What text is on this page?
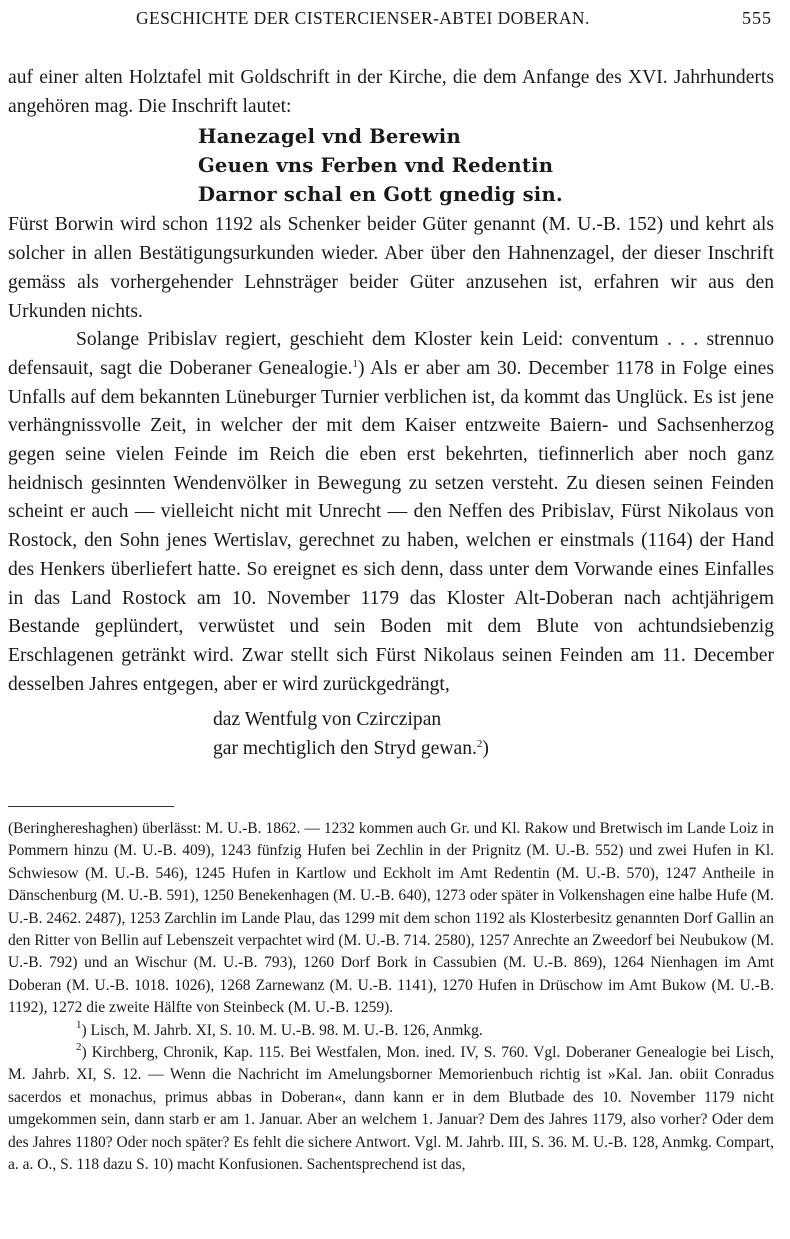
GESCHICHTE DER CISTERCIENSER-ABTEI DOBERAN.	555

auf einer alten Holztafel mit Goldschrift in der Kirche, die dem Anfange des XVI. Jahrhunderts angehören mag. Die Inschrift lautet:

Hanezagel vnd Berewin
Geuen vns Ferben vnd Redentin
Darnor schal en Gott gnedig sin.

Fürst Borwin wird schon 1192 als Schenker beider Güter genannt (M. U.-B. 152) und kehrt als solcher in allen Bestätigungsurkunden wieder. Aber über den Hahnenzagel, der dieser Inschrift gemäss als vorhergehender Lehnsträger beider Güter anzusehen ist, erfahren wir aus den Urkunden nichts.

Solange Pribislav regiert, geschieht dem Kloster kein Leid: conventum . . . strennuo defensauit, sagt die Doberaner Genealogie.$^1$) Als er aber am 30. December 1178 in Folge eines Unfalls auf dem bekannten Lüneburger Turnier verblichen ist, da kommt das Unglück. Es ist jene verhängnissvolle Zeit, in welcher der mit dem Kaiser entzweite Baiern- und Sachsenherzog gegen seine vielen Feinde im Reich die eben erst bekehrten, tiefinnerlich aber noch ganz heidnisch gesinnten Wendenvölker in Bewegung zu setzen versteht. Zu diesen seinen Feinden scheint er auch — vielleicht nicht mit Unrecht — den Neffen des Pribislav, Fürst Nikolaus von Rostock, den Sohn jenes Wertislav, gerechnet zu haben, welchen er einstmals (1164) der Hand des Henkers überliefert hatte. So ereignet es sich denn, dass unter dem Vorwande eines Einfalles in das Land Rostock am 10. November 1179 das Kloster Alt-Doberan nach achtjährigem Bestande geplündert, verwüstet und sein Boden mit dem Blute von achtundsiebenzig Erschlagenen getränkt wird. Zwar stellt sich Fürst Nikolaus seinen Feinden am 11. December desselben Jahres entgegen, aber er wird zurückgedrängt,

daz Wentfulg von Czirczipan
gar mechtiglich den Stryd gewan.$^2$)

(Beringhereshaghen) überlässt: M. U.-B. 1862. — 1232 kommen auch Gr. und Kl. Rakow und Bretwisch im Lande Loiz in Pommern hinzu (M. U.-B. 409), 1243 fünfzig Hufen bei Zechlin in der Prignitz (M. U.-B. 552) und zwei Hufen in Kl. Schwiesow (M. U.-B. 546), 1245 Hufen in Kartlow und Eckholt im Amt Redentin (M. U.-B. 570), 1247 Antheile in Dänschenburg (M. U.-B. 591), 1250 Benekenhagen (M. U.-B. 640), 1273 oder später in Volkenshagen eine halbe Hufe (M. U.-B. 2462. 2487), 1253 Zarchlin im Lande Plau, das 1299 mit dem schon 1192 als Klosterbesitz genannten Dorf Gallin an den Ritter von Bellin auf Lebenszeit verpachtet wird (M. U.-B. 714. 2580), 1257 Anrechte an Zweedorf bei Neubukow (M. U.-B. 792) und an Wischur (M. U.-B. 793), 1260 Dorf Bork in Cassubien (M. U.-B. 869), 1264 Nienhagen im Amt Doberan (M. U.-B. 1018. 1026), 1268 Zarnewanz (M. U.-B. 1141), 1270 Hufen in Drüschow im Amt Bukow (M. U.-B. 1192), 1272 die zweite Hälfte von Steinbeck (M. U.-B. 1259).

$^1$) Lisch, M. Jahrb. XI, S. 10. M. U.-B. 98. M. U.-B. 126, Anmkg.

$^2$) Kirchberg, Chronik, Kap. 115. Bei Westfalen, Mon. ined. IV, S. 760. Vgl. Doberaner Genealogie bei Lisch, M. Jahrb. XI, S. 12. — Wenn die Nachricht im Amelungsborner Memorienbuch richtig ist »Kal. Jan. obiit Conradus sacerdos et monachus, primus abbas in Doberan«, dann kann er in dem Blutbade des 10. November 1179 nicht umgekommen sein, dann starb er am 1. Januar. Aber an welchem 1. Januar? Dem des Jahres 1179, also vorher? Oder dem des Jahres 1180? Oder noch später? Es fehlt die sichere Antwort. Vgl. M. Jahrb. III, S. 36. M. U.-B. 128, Anmkg. Compart, a. a. O., S. 118 dazu S. 10) macht Konfusionen. Sachentsprechend ist das,
